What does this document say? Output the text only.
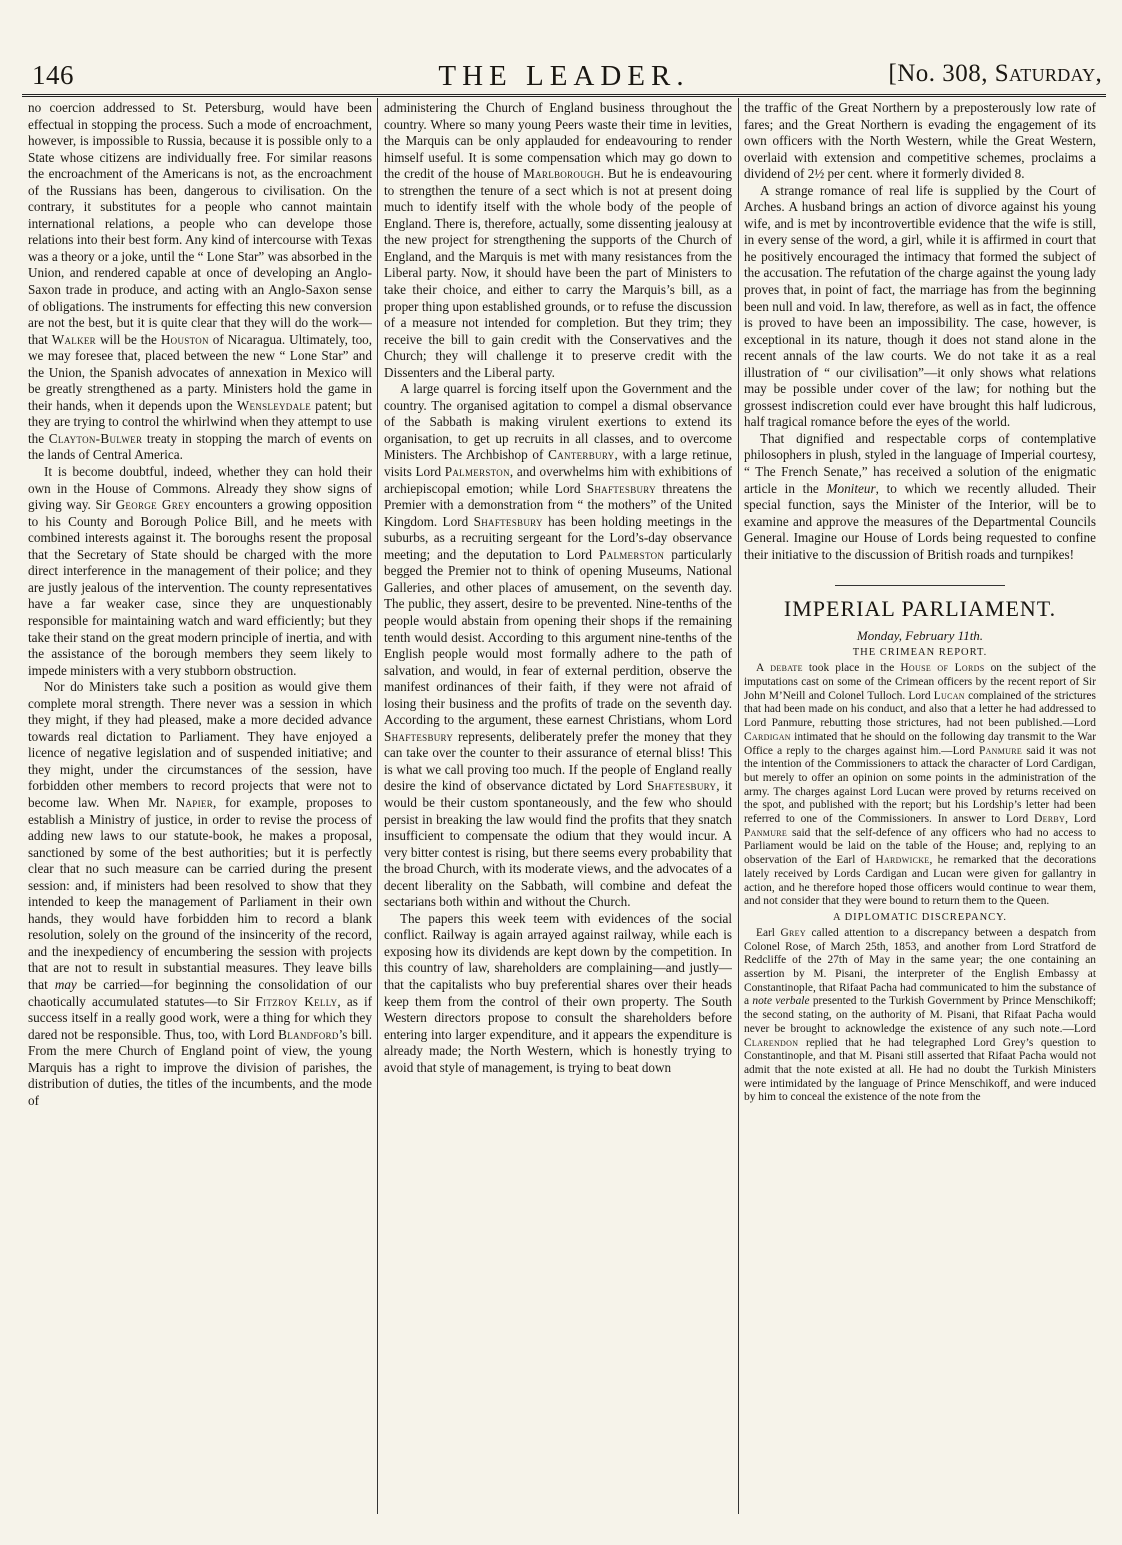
146	THE LEADER.	[No. 308, Saturday,

no coercion addressed to St. Petersburg, would have been effectual in stopping the process. Such a mode of encroachment, however, is impossible to Russia, because it is possible only to a State whose citizens are individually free. For similar reasons the encroachment of the Americans is not, as the encroachment of the Russians has been, dangerous to civilisation. On the contrary, it substitutes for a people who cannot maintain international relations, a people who can develope those relations into their best form. Any kind of intercourse with Texas was a theory or a joke, until the “ Lone Star” was absorbed in the Union, and rendered capable at once of developing an Anglo-Saxon trade in produce, and acting with an Anglo-Saxon sense of obligations. The instruments for effecting this new conversion are not the best, but it is quite clear that they will do the work—that Walker will be the Houston of Nicaragua. Ultimately, too, we may foresee that, placed between the new “ Lone Star” and the Union, the Spanish advocates of annexation in Mexico will be greatly strengthened as a party. Ministers hold the game in their hands, when it depends upon the Wensleydale patent; but they are trying to control the whirlwind when they attempt to use the Clayton-Bulwer treaty in stopping the march of events on the lands of Central America.

It is become doubtful, indeed, whether they can hold their own in the House of Commons. Already they show signs of giving way. Sir George Grey encounters a growing opposition to his County and Borough Police Bill, and he meets with combined interests against it. The boroughs resent the proposal that the Secretary of State should be charged with the more direct interference in the management of their police; and they are justly jealous of the intervention. The county representatives have a far weaker case, since they are unquestionably responsible for maintaining watch and ward efficiently; but they take their stand on the great modern principle of inertia, and with the assistance of the borough members they seem likely to impede ministers with a very stubborn obstruction.

Nor do Ministers take such a position as would give them complete moral strength. There never was a session in which they might, if they had pleased, make a more decided advance towards real dictation to Parliament. They have enjoyed a licence of negative legislation and of suspended initiative; and they might, under the circumstances of the session, have forbidden other members to record projects that were not to become law. When Mr. Napier, for example, proposes to establish a Ministry of justice, in order to revise the process of adding new laws to our statute-book, he makes a proposal, sanctioned by some of the best authorities; but it is perfectly clear that no such measure can be carried during the present session: and, if ministers had been resolved to show that they intended to keep the management of Parliament in their own hands, they would have forbidden him to record a blank resolution, solely on the ground of the insincerity of the record, and the inexpediency of encumbering the session with projects that are not to result in substantial measures. They leave bills that may be carried—for beginning the consolidation of our chaotically accumulated statutes—to Sir Fitzroy Kelly, as if success itself in a really good work, were a thing for which they dared not be responsible. Thus, too, with Lord Blandford’s bill. From the mere Church of England point of view, the young Marquis has a right to improve the division of parishes, the distribution of duties, the titles of the incumbents, and the mode of

administering the Church of England business throughout the country. Where so many young Peers waste their time in levities, the Marquis can be only applauded for endeavouring to render himself useful. It is some compensation which may go down to the credit of the house of Marlborough. But he is endeavouring to strengthen the tenure of a sect which is not at present doing much to identify itself with the whole body of the people of England. There is, therefore, actually, some dissenting jealousy at the new project for strengthening the supports of the Church of England, and the Marquis is met with many resistances from the Liberal party. Now, it should have been the part of Ministers to take their choice, and either to carry the Marquis’s bill, as a proper thing upon established grounds, or to refuse the discussion of a measure not intended for completion. But they trim; they receive the bill to gain credit with the Conservatives and the Church; they will challenge it to preserve credit with the Dissenters and the Liberal party.

A large quarrel is forcing itself upon the Government and the country. The organised agitation to compel a dismal observance of the Sabbath is making virulent exertions to extend its organisation, to get up recruits in all classes, and to overcome Ministers. The Archbishop of Canterbury, with a large retinue, visits Lord Palmerston, and overwhelms him with exhibitions of archiepiscopal emotion; while Lord Shaftesbury threatens the Premier with a demonstration from “ the mothers” of the United Kingdom. Lord Shaftesbury has been holding meetings in the suburbs, as a recruiting sergeant for the Lord’s-day observance meeting; and the deputation to Lord Palmerston particularly begged the Premier not to think of opening Museums, National Galleries, and other places of amusement, on the seventh day. The public, they assert, desire to be prevented. Nine-tenths of the people would abstain from opening their shops if the remaining tenth would desist. According to this argument nine-tenths of the English people would most formally adhere to the path of salvation, and would, in fear of external perdition, observe the manifest ordinances of their faith, if they were not afraid of losing their business and the profits of trade on the seventh day. According to the argument, these earnest Christians, whom Lord Shaftesbury represents, deliberately prefer the money that they can take over the counter to their assurance of eternal bliss! This is what we call proving too much. If the people of England really desire the kind of observance dictated by Lord Shaftesbury, it would be their custom spontaneously, and the few who should persist in breaking the law would find the profits that they snatch insufficient to compensate the odium that they would incur. A very bitter contest is rising, but there seems every probability that the broad Church, with its moderate views, and the advocates of a decent liberality on the Sabbath, will combine and defeat the sectarians both within and without the Church.

The papers this week teem with evidences of the social conflict. Railway is again arrayed against railway, while each is exposing how its dividends are kept down by the competition. In this country of law, shareholders are complaining—and justly—that the capitalists who buy preferential shares over their heads keep them from the control of their own property. The South Western directors propose to consult the shareholders before entering into larger expenditure, and it appears the expenditure is already made; the North Western, which is honestly trying to avoid that style of management, is trying to beat down

the traffic of the Great Northern by a preposterously low rate of fares; and the Great Northern is evading the engagement of its own officers with the North Western, while the Great Western, overlaid with extension and competitive schemes, proclaims a dividend of 2½ per cent. where it formerly divided 8.

A strange romance of real life is supplied by the Court of Arches. A husband brings an action of divorce against his young wife, and is met by incontrovertible evidence that the wife is still, in every sense of the word, a girl, while it is affirmed in court that he positively encouraged the intimacy that formed the subject of the accusation. The refutation of the charge against the young lady proves that, in point of fact, the marriage has from the beginning been null and void. In law, therefore, as well as in fact, the offence is proved to have been an impossibility. The case, however, is exceptional in its nature, though it does not stand alone in the recent annals of the law courts. We do not take it as a real illustration of “ our civilisation”—it only shows what relations may be possible under cover of the law; for nothing but the grossest indiscretion could ever have brought this half ludicrous, half tragical romance before the eyes of the world.

That dignified and respectable corps of contemplative philosophers in plush, styled in the language of Imperial courtesy, “ The French Senate,” has received a solution of the enigmatic article in the Moniteur, to which we recently alluded. Their special function, says the Minister of the Interior, will be to examine and approve the measures of the Departmental Councils General. Imagine our House of Lords being requested to confine their initiative to the discussion of British roads and turnpikes!

IMPERIAL PARLIAMENT.
Monday, February 11th.
THE CRIMEAN REPORT.

A debate took place in the House of Lords on the subject of the imputations cast on some of the Crimean officers by the recent report of Sir John M’Neill and Colonel Tulloch. Lord Lucan complained of the strictures that had been made on his conduct, and also that a letter he had addressed to Lord Panmure, rebutting those strictures, had not been published.—Lord Cardigan intimated that he should on the following day transmit to the War Office a reply to the charges against him.—Lord Panmure said it was not the intention of the Commissioners to attack the character of Lord Cardigan, but merely to offer an opinion on some points in the administration of the army. The charges against Lord Lucan were proved by returns received on the spot, and published with the report; but his Lordship’s letter had been referred to one of the Commissioners. In answer to Lord Derby, Lord Panmure said that the self-defence of any officers who had no access to Parliament would be laid on the table of the House; and, replying to an observation of the Earl of Hardwicke, he remarked that the decorations lately received by Lords Cardigan and Lucan were given for gallantry in action, and he therefore hoped those officers would continue to wear them, and not consider that they were bound to return them to the Queen.

A DIPLOMATIC DISCREPANCY.

Earl Grey called attention to a discrepancy between a despatch from Colonel Rose, of March 25th, 1853, and another from Lord Stratford de Redcliffe of the 27th of May in the same year; the one containing an assertion by M. Pisani, the interpreter of the English Embassy at Constantinople, that Rifaat Pacha had communicated to him the substance of a note verbale presented to the Turkish Government by Prince Menschikoff; the second stating, on the authority of M. Pisani, that Rifaat Pacha would never be brought to acknowledge the existence of any such note.—Lord Clarendon replied that he had telegraphed Lord Grey’s question to Constantinople, and that M. Pisani still asserted that Rifaat Pacha would not admit that the note existed at all. He had no doubt the Turkish Ministers were intimidated by the language of Prince Menschikoff, and were induced by him to conceal the existence of the note from the
